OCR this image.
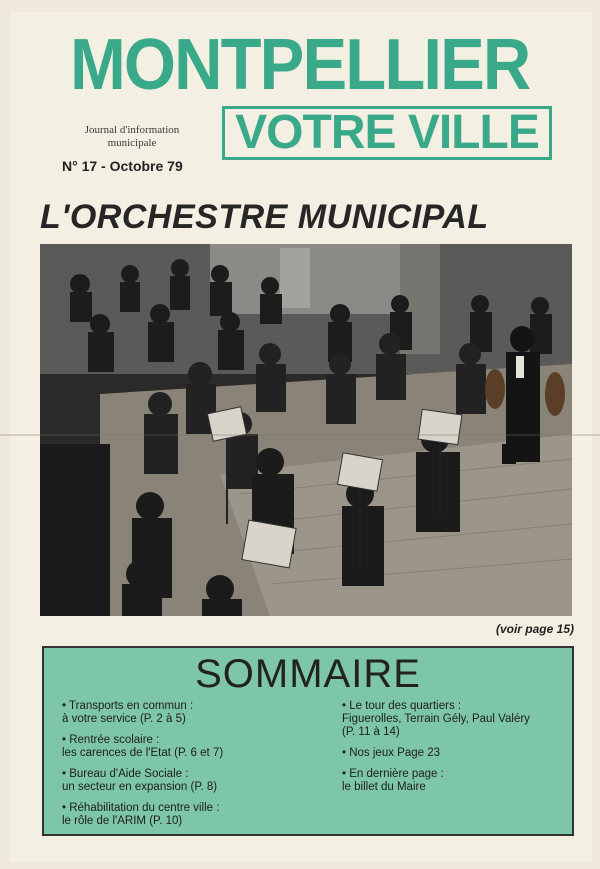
MONTPELLIER
VOTRE VILLE
Journal d'information municipale
N° 17 - Octobre 79
L'ORCHESTRE MUNICIPAL
(voir page 15)
SOMMAIRE
• Transports en commun :
à votre service (P. 2 à 5)
• Rentrée scolaire :
les carences de l'Etat (P. 6 et 7)
• Bureau d'Aide Sociale :
un secteur en expansion (P. 8)
• Réhabilitation du centre ville :
le rôle de l'ARIM (P. 10)
• Le tour des quartiers :
Figuerolles, Terrain Gély, Paul Valéry
(P. 11 à 14)
• Nos jeux Page 23
• En dernière page :
le billet du Maire
